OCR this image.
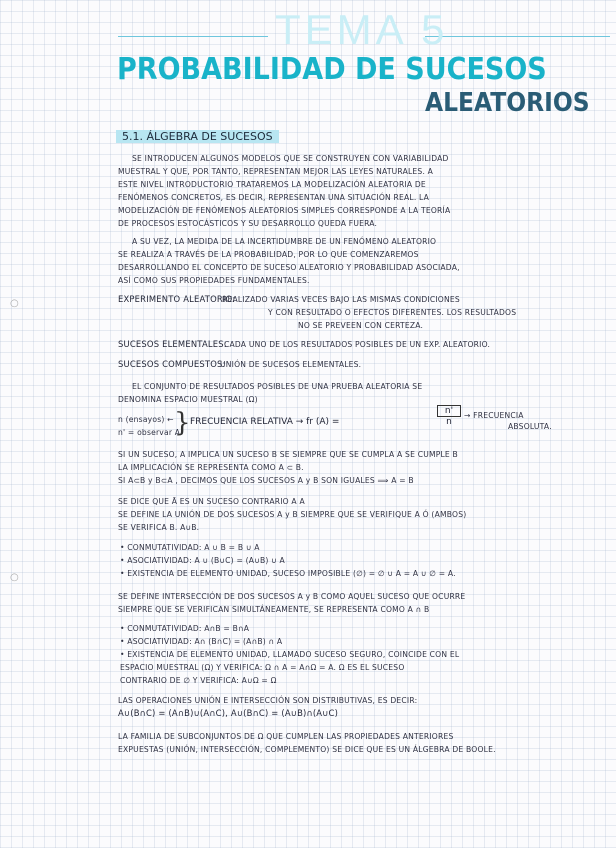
TEMA 5
PROBABILIDAD DE SUCESOS
ALEATORIOS
5.1. ÁLGEBRA DE SUCESOS
SE INTRODUCEN ALGUNOS MODELOS QUE SE CONSTRUYEN CON VARIABILIDAD
MUESTRAL Y QUE, POR TANTO, REPRESENTAN MEJOR LAS LEYES NATURALES. A
ESTE NIVEL INTRODUCTORIO TRATAREMOS LA MODELIZACIÓN ALEATORIA DE
FENÓMENOS CONCRETOS, ES DECIR, REPRESENTAN UNA SITUACIÓN REAL. LA
MODELIZACIÓN DE FENÓMENOS ALEATORIOS SIMPLES CORRESPONDE A LA TEORÍA
DE PROCESOS ESTOCÁSTICOS Y SU DESARROLLO QUEDA FUERA.
A SU VEZ, LA MEDIDA DE LA INCERTIDUMBRE DE UN FENÓMENO ALEATORIO
SE REALIZA A TRAVÉS DE LA PROBABILIDAD, POR LO QUE COMENZAREMOS
DESARROLLANDO EL CONCEPTO DE SUCESO ALEATORIO Y PROBABILIDAD ASOCIADA,
ASÍ COMO SUS PROPIEDADES FUNDAMENTALES.
EXPERIMENTO ALEATORIO:
REALIZADO VARIAS VECES BAJO LAS MISMAS CONDICIONES
Y CON RESULTADO O EFECTOS DIFERENTES. LOS RESULTADOS
NO SE PREVEEN CON CERTEZA.
SUCESOS ELEMENTALES:
CADA UNO DE LOS RESULTADOS POSIBLES DE UN EXP. ALEATORIO.
SUCESOS COMPUESTOS:
UNIÓN DE SUCESOS ELEMENTALES.
EL CONJUNTO DE RESULTADOS POSIBLES DE UNA PRUEBA ALEATORIA SE
DENOMINA ESPACIO MUESTRAL (Ω)
n (ensayos) ←
n' = observar A
} FRECUENCIA RELATIVA → fr (A) =	$\frac{n'}{n}$ → FRECUENCIA
ABSOLUTA.
SI UN SUCESO, A IMPLICA UN SUCESO B SE SIEMPRE QUE SE CUMPLA A SE CUMPLE B
LA IMPLICACIÓN SE REPRESENTA COMO A ⊂ B.
SI A⊂B y B⊂A , DECIMOS QUE LOS SUCESOS A y B SON IGUALES ⟹ A = B
SE DICE QUE Ā ES UN SUCESO CONTRARIO A A
SE DEFINE LA UNIÓN DE DOS SUCESOS A y B SIEMPRE QUE SE VERIFIQUE A Ó (AMBOS)
SE VERIFICA B. A∪B.
• CONMUTATIVIDAD: A ∪ B = B ∪ A
• ASOCIATIVIDAD: A ∪ (B∪C) = (A∪B) ∪ A
• EXISTENCIA DE ELEMENTO UNIDAD, SUCESO IMPOSIBLE (∅) = ∅ ∪ A = A ∪ ∅ = A.
SE DEFINE INTERSECCIÓN DE DOS SUCESOS A y B COMO AQUEL SUCESO QUE OCURRE
SIEMPRE QUE SE VERIFICAN SIMULTÁNEAMENTE, SE REPRESENTA COMO A ∩ B
• CONMUTATIVIDAD: A∩B = B∩A
• ASOCIATIVIDAD: A∩ (B∩C) = (A∩B) ∩ A
• EXISTENCIA DE ELEMENTO UNIDAD, LLAMADO SUCESO SEGURO, COINCIDE CON EL
ESPACIO MUESTRAL (Ω) Y VERIFICA: Ω ∩ A = A∩Ω = A. Ω ES EL SUCESO
CONTRARIO DE ∅ Y VERIFICA: A∪Ω = Ω
LAS OPERACIONES UNIÓN E INTERSECCIÓN SON DISTRIBUTIVAS, ES DECIR:
A∪(B∩C) = (A∩B)∪(A∩C), A∪(B∩C) = (A∪B)∩(A∪C)
LA FAMILIA DE SUBCONJUNTOS DE Ω QUE CUMPLEN LAS PROPIEDADES ANTERIORES
EXPUESTAS (UNIÓN, INTERSECCIÓN, COMPLEMENTO) SE DICE QUE ES UN ÁLGEBRA DE BOOLE.
○
○
